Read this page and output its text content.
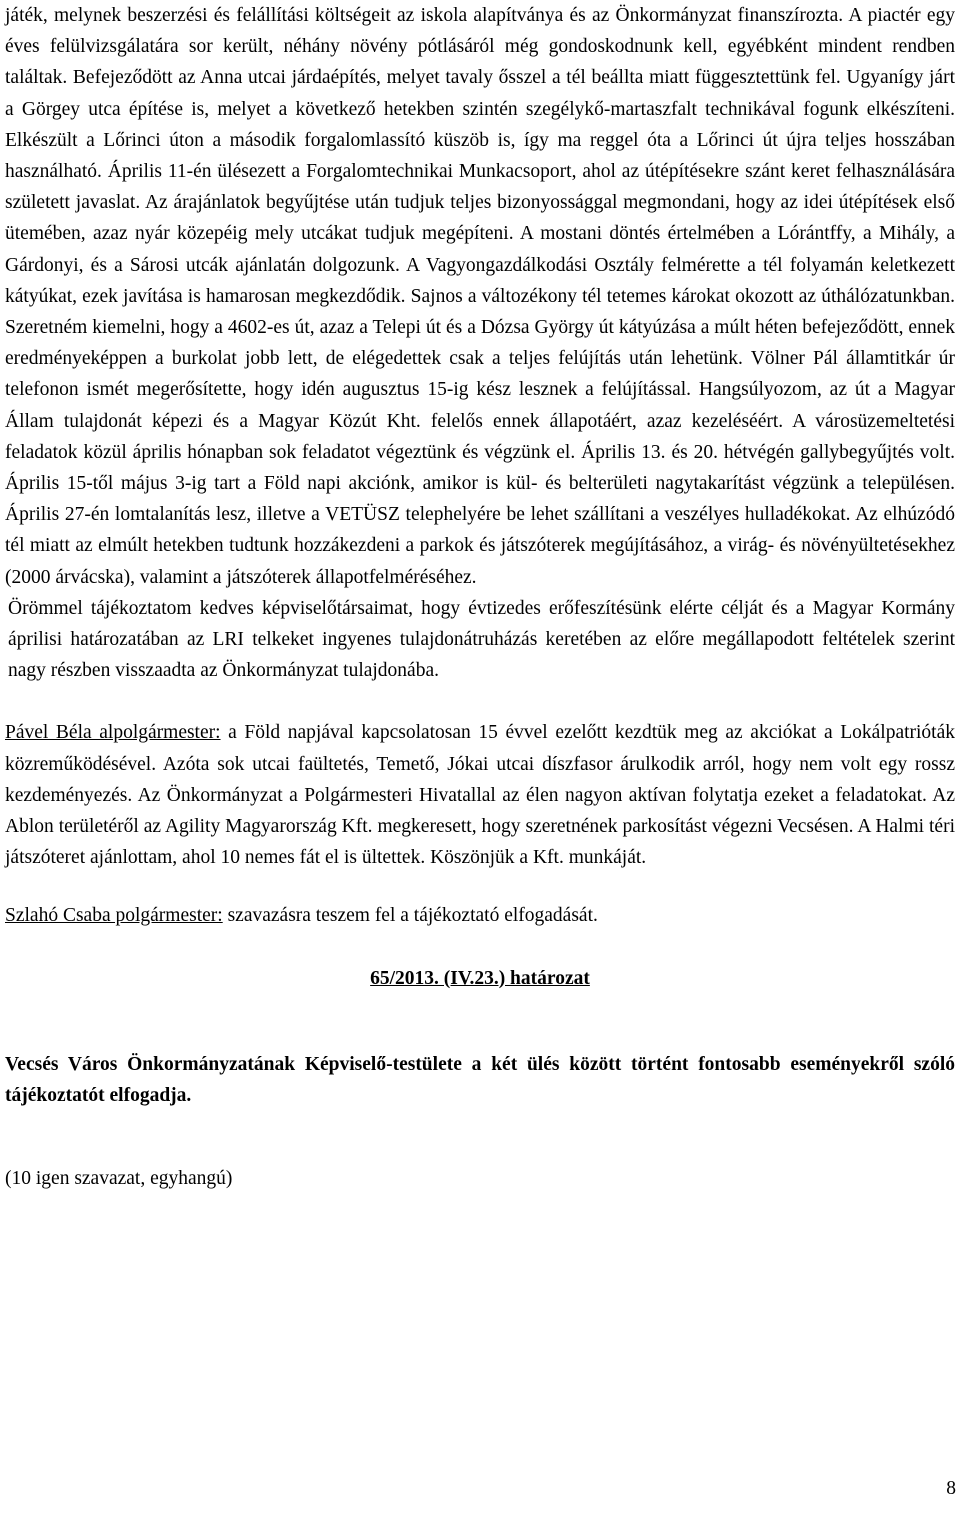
játék, melynek beszerzési és felállítási költségeit az iskola alapítványa és az Önkormányzat finanszírozta. A piactér egy éves felülvizsgálatára sor került, néhány növény pótlásáról még gondoskodnunk kell, egyébként mindent rendben találtak. Befejeződött az Anna utcai járdaépítés, melyet tavaly ősszel a tél beállta miatt függesztettünk fel. Ugyanígy járt a Görgey utca építése is, melyet a következő hetekben szintén szegélykő-martaszfalt technikával fogunk elkészíteni. Elkészült a Lőrinci úton a második forgalomlassító küszöb is, így ma reggel óta a Lőrinci út újra teljes hosszában használható. Április 11-én ülésezett a Forgalomtechnikai Munkacsoport, ahol az útépítésekre szánt keret felhasználására született javaslat. Az árajánlatok begyűjtése után tudjuk teljes bizonyossággal megmondani, hogy az idei útépítések első ütemében, azaz nyár közepéig mely utcákat tudjuk megépíteni. A mostani döntés értelmében a Lórántffy, a Mihály, a Gárdonyi, és a Sárosi utcák ajánlatán dolgozunk. A Vagyongazdálkodási Osztály felmérette a tél folyamán keletkezett kátyúkat, ezek javítása is hamarosan megkezdődik. Sajnos a változékony tél tetemes károkat okozott az úthálózatunkban. Szeretném kiemelni, hogy a 4602-es út, azaz a Telepi út és a Dózsa György út kátyúzása a múlt héten befejeződött, ennek eredményeképpen a burkolat jobb lett, de elégedettek csak a teljes felújítás után lehetünk. Völner Pál államtitkár úr telefonon ismét megerősítette, hogy idén augusztus 15-ig kész lesznek a felújítással. Hangsúlyozom, az út a Magyar Állam tulajdonát képezi és a Magyar Közút Kht. felelős ennek állapotáért, azaz kezeléséért. A városüzemeltetési feladatok közül április hónapban sok feladatot végeztünk és végzünk el. Április 13. és 20. hétvégén gallybegyűjtés volt. Április 15-től május 3-ig tart a Föld napi akciónk, amikor is kül- és belterületi nagytakarítást végzünk a településen. Április 27-én lomtalanítás lesz, illetve a VETÜSZ telephelyére be lehet szállítani a veszélyes hulladékokat. Az elhúzódó tél miatt az elmúlt hetekben tudtunk hozzákezdeni a parkok és játszóterek megújításához, a virág- és növényültetésekhez (2000 árvácska), valamint a játszóterek állapotfelméréséhez.

Örömmel tájékoztatom kedves képviselőtársaimat, hogy évtizedes erőfeszítésünk elérte célját és a Magyar Kormány áprilisi határozatában az LRI telkeket ingyenes tulajdonátruházás keretében az előre megállapodott feltételek szerint nagy részben visszaadta az Önkormányzat tulajdonába.

Pável Béla alpolgármester: a Föld napjával kapcsolatosan 15 évvel ezelőtt kezdtük meg az akciókat a Lokálpatrióták közreműködésével. Azóta sok utcai faültetés, Temető, Jókai utcai díszfasor árulkodik arról, hogy nem volt egy rossz kezdeményezés. Az Önkormányzat a Polgármesteri Hivatallal az élen nagyon aktívan folytatja ezeket a feladatokat. Az Ablon területéről az Agility Magyarország Kft. megkeresett, hogy szeretnének parkosítást végezni Vecsésen. A Halmi téri játszóteret ajánlottam, ahol 10 nemes fát el is ültettek. Köszönjük a Kft. munkáját.

Szlahó Csaba polgármester: szavazásra teszem fel a tájékoztató elfogadását.

65/2013. (IV.23.) határozat

Vecsés Város Önkormányzatának Képviselő-testülete a két ülés között történt fontosabb eseményekről szóló tájékoztatót elfogadja.

(10 igen szavazat, egyhangú)

8
